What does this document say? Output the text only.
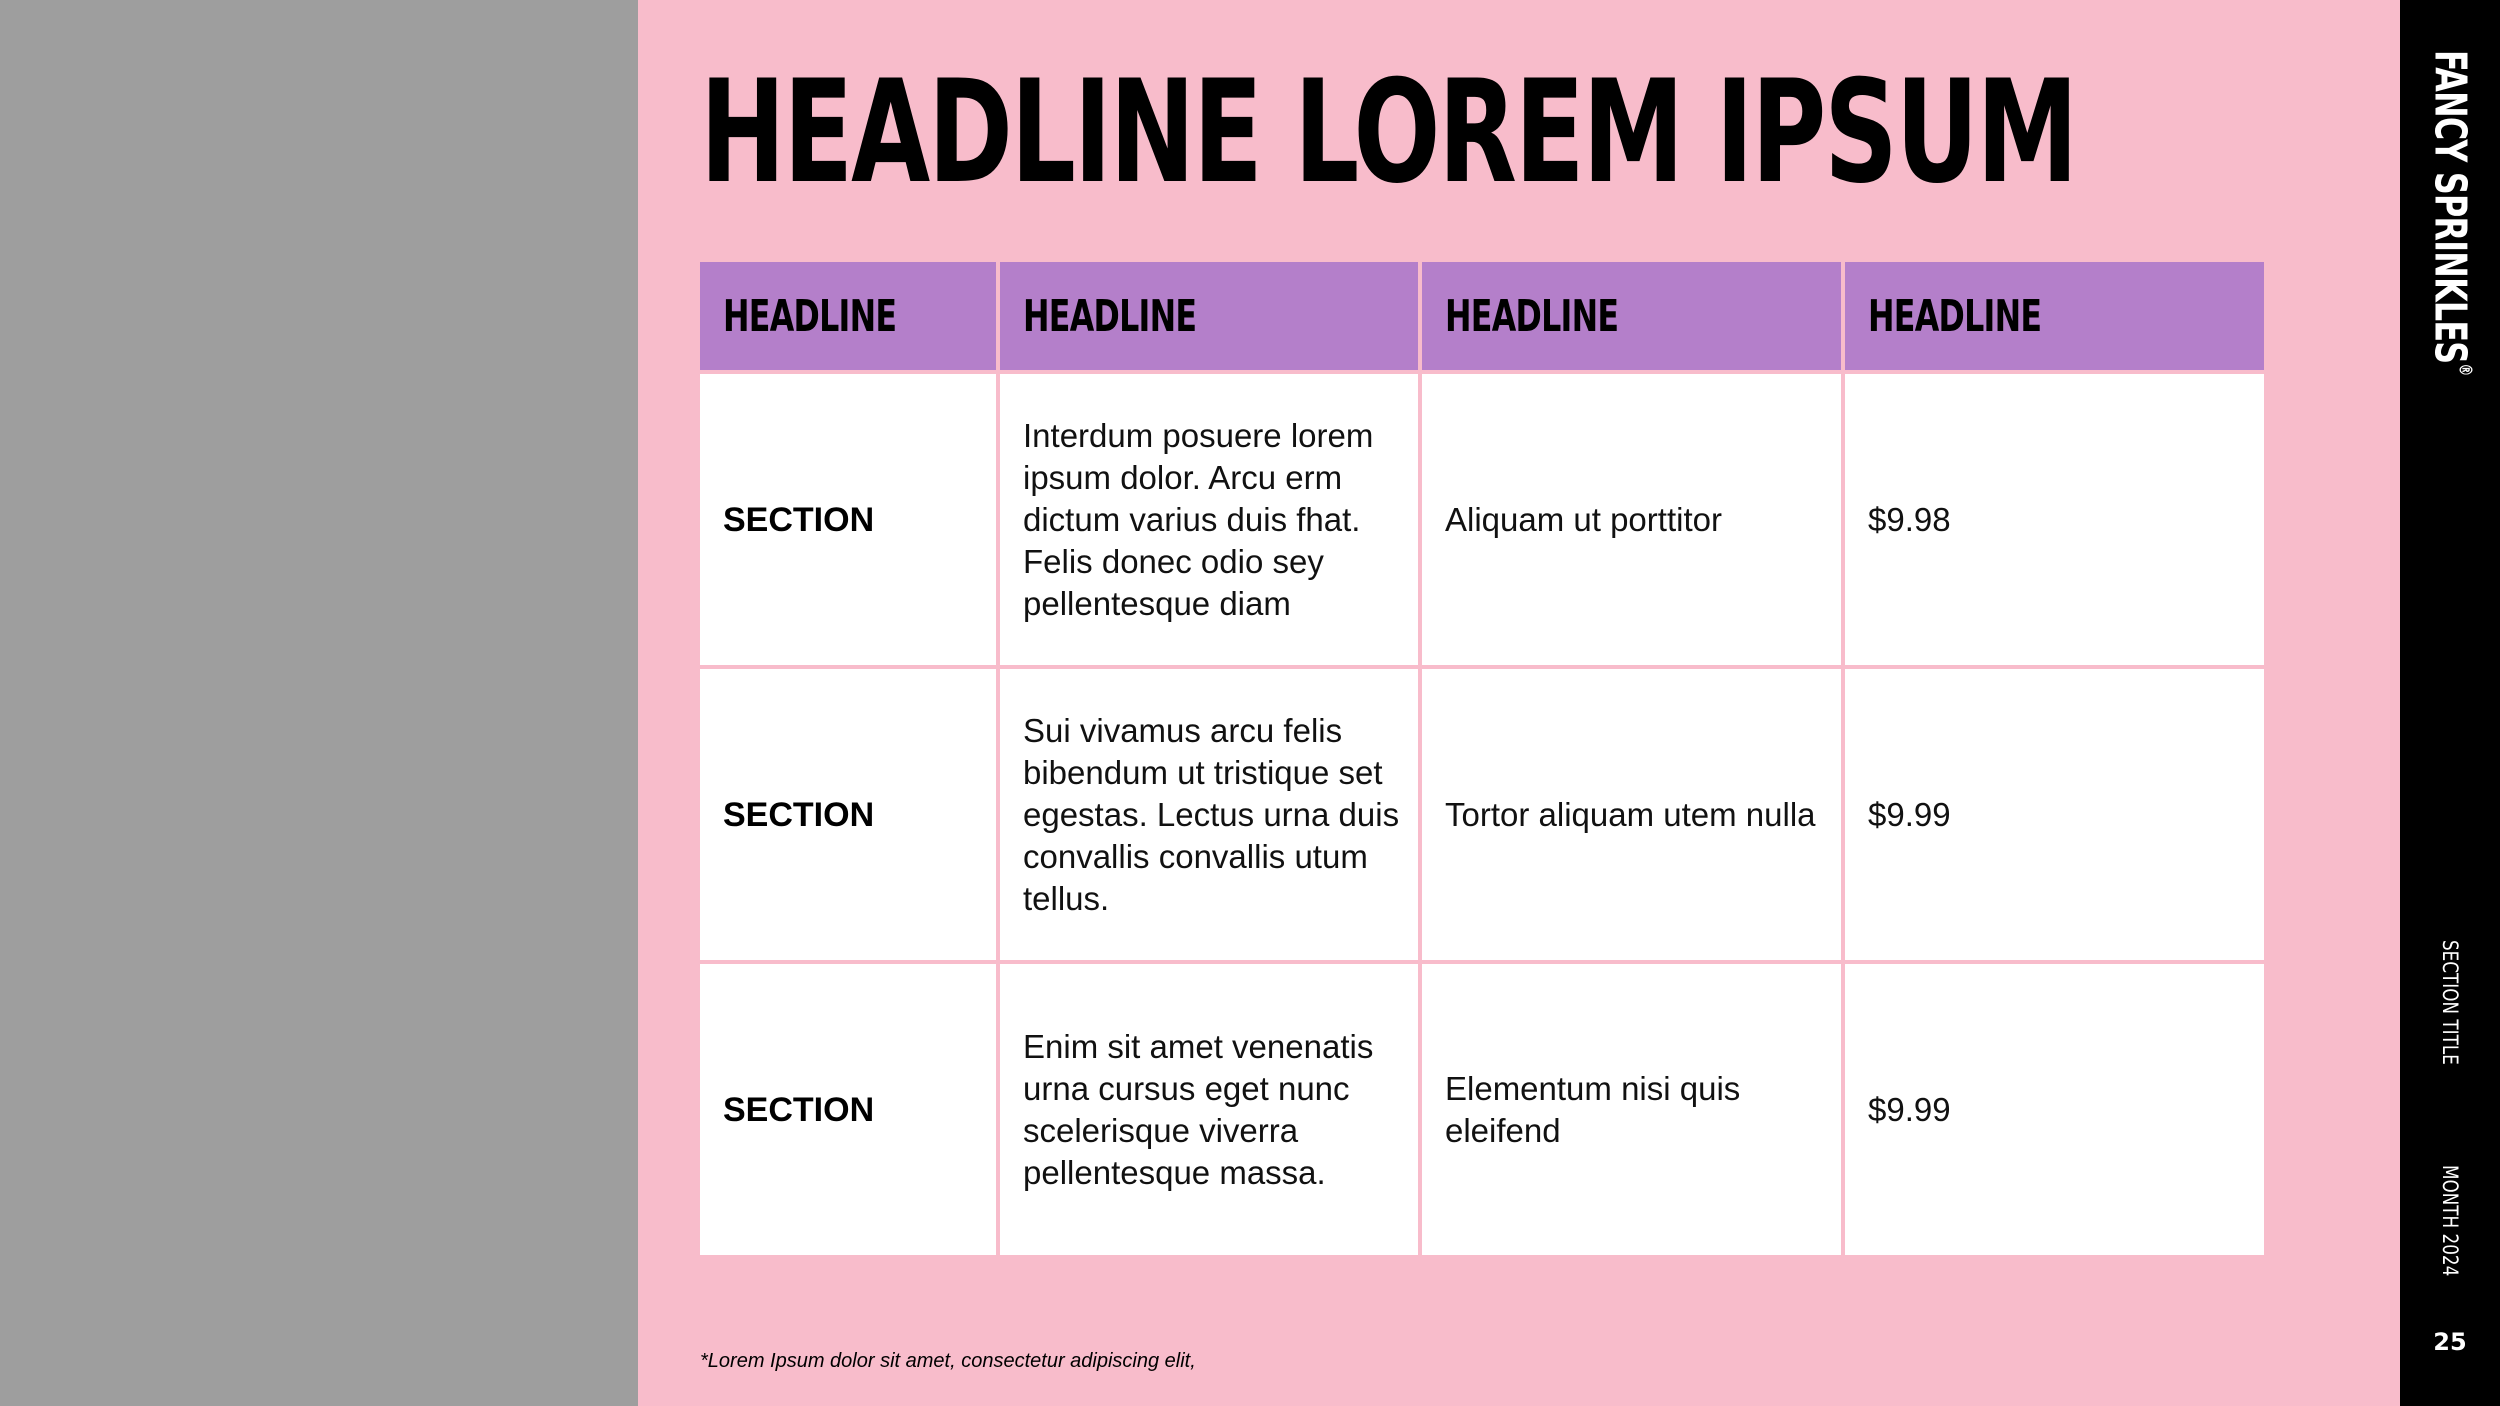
HEADLINE LOREM IPSUM
HEADLINE	HEADLINE	HEADLINE	HEADLINE
SECTION	Interdum posuere lorem ipsum dolor. Arcu erm dictum varius duis fhat. Felis donec odio sey pellentesque diam	Aliquam ut porttitor	$9.98
SECTION	Sui vivamus arcu felis bibendum ut tristique set egestas. Lectus urna duis convallis convallis utum tellus.	Tortor aliquam utem nulla	$9.99
SECTION	Enim sit amet venenatis urna cursus eget nunc scelerisque viverra pellentesque massa.	Elementum nisi quis eleifend	$9.99
*Lorem Ipsum dolor sit amet, consectetur adipiscing elit,
FANCY SPRINKLES®
SECTION TITLE
MONTH 2024
25
